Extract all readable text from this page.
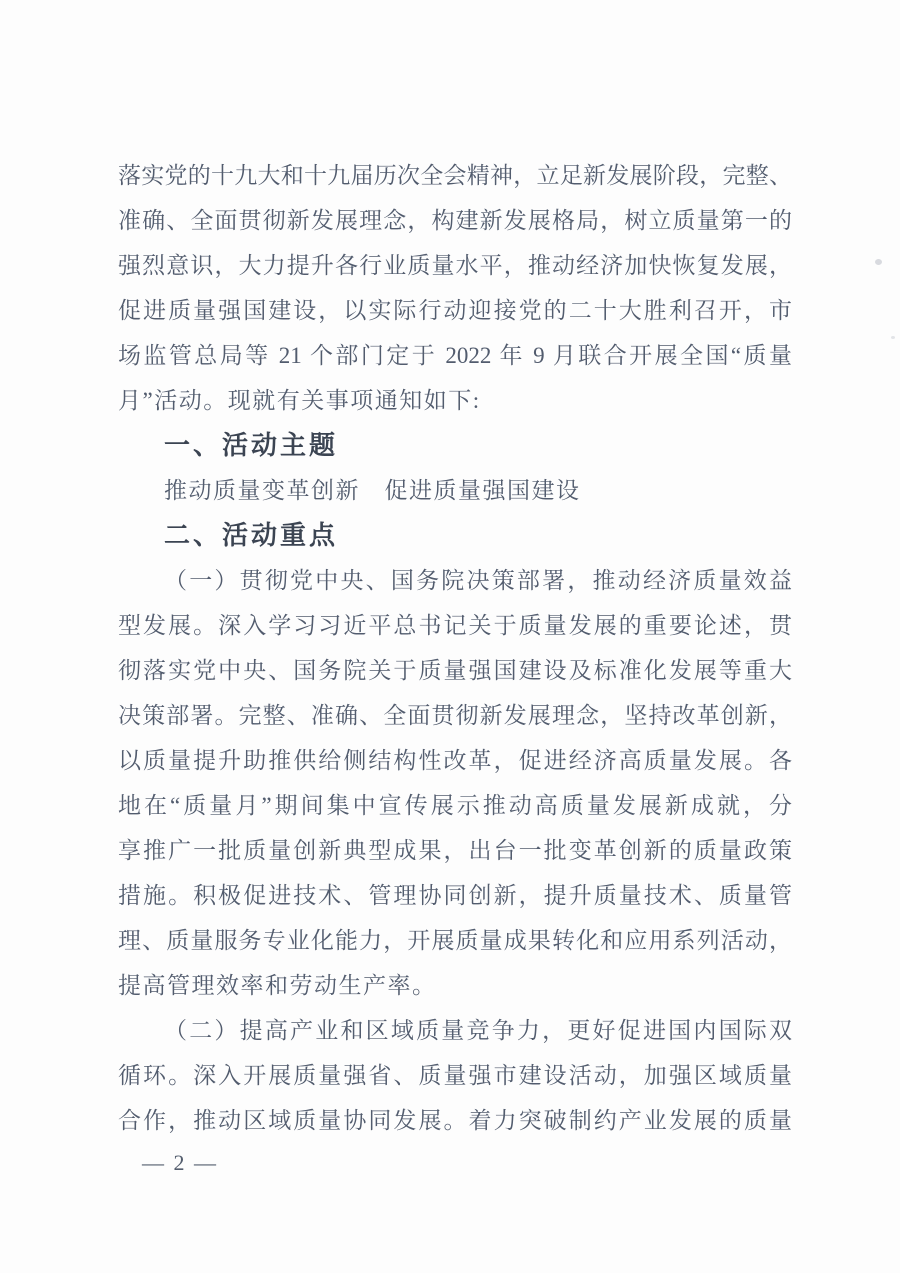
落实党的十九大和十九届历次全会精神，立足新发展阶段，完整、
准确、全面贯彻新发展理念，构建新发展格局，树立质量第一的
强烈意识，大力提升各行业质量水平，推动经济加快恢复发展，
促进质量强国建设，以实际行动迎接党的二十大胜利召开，市
场监管总局等 21 个部门定于 2022 年 9 月联合开展全国“质量
月”活动。现就有关事项通知如下:
一、活动主题
推动质量变革创新　促进质量强国建设
二、活动重点
（一）贯彻党中央、国务院决策部署，推动经济质量效益
型发展。深入学习习近平总书记关于质量发展的重要论述，贯
彻落实党中央、国务院关于质量强国建设及标准化发展等重大
决策部署。完整、准确、全面贯彻新发展理念，坚持改革创新，
以质量提升助推供给侧结构性改革，促进经济高质量发展。各
地在“质量月”期间集中宣传展示推动高质量发展新成就，分
享推广一批质量创新典型成果，出台一批变革创新的质量政策
措施。积极促进技术、管理协同创新，提升质量技术、质量管
理、质量服务专业化能力，开展质量成果转化和应用系列活动，
提高管理效率和劳动生产率。
（二）提高产业和区域质量竞争力，更好促进国内国际双
循环。深入开展质量强省、质量强市建设活动，加强区域质量
合作，推动区域质量协同发展。着力突破制约产业发展的质量
— 2 —
